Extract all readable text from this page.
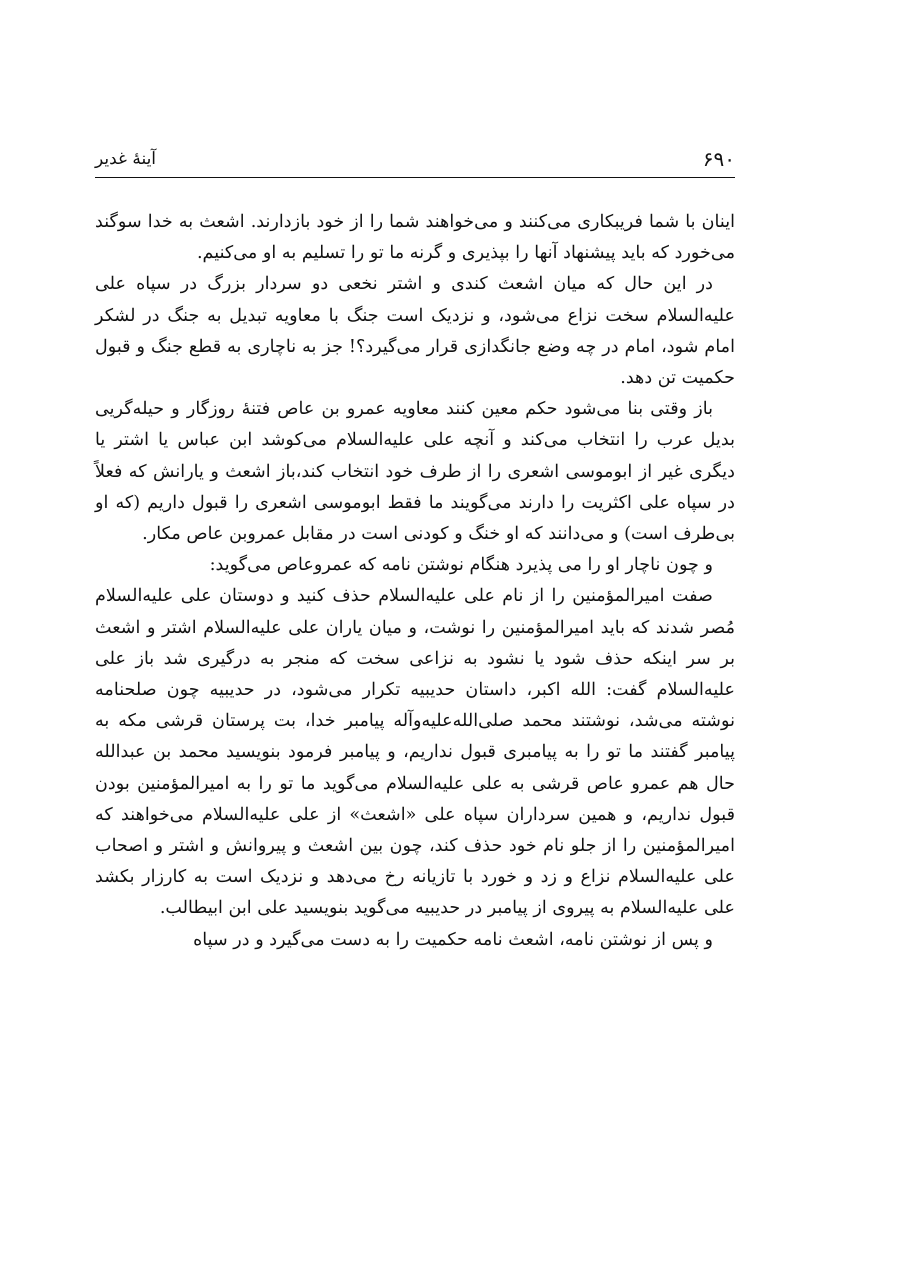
۶۹۰
آینهٔ غدیر

اینان با شما فریبکاری می‌کنند و می‌خواهند شما را از خود بازدارند. اشعث به خدا سوگند می‌خورد که باید پیشنهاد آنها را بپذیری و گرنه ما تو را تسلیم به او می‌کنیم.

در این حال که میان اشعث کندی و اشتر نخعی دو سردار بزرگ در سپاه علی علیه‌السلام سخت نزاع می‌شود، و نزدیک است جنگ با معاویه تبدیل به جنگ در لشکر امام شود، امام در چه وضع جانگدازی قرار می‌گیرد؟! جز به ناچاری به قطع جنگ و قبول حکمیت تن دهد.

باز وقتی بنا می‌شود حکم معین کنند معاویه عمرو بن عاص فتنهٔ روزگار و حیله‌گریی بدیل عرب را انتخاب می‌کند و آنچه علی علیه‌السلام می‌کوشد ابن عباس یا اشتر یا دیگری غیر از ابوموسی اشعری را از طرف خود انتخاب کند،باز اشعث و یارانش که فعلاً در سپاه علی اکثریت را دارند می‌گویند ما فقط ابوموسی اشعری را قبول داریم (که او بی‌طرف است) و می‌دانند که او خنگ و کودنی است در مقابل عمروبن عاص مکار.

و چون ناچار او را می پذیرد هنگام نوشتن نامه که عمروعاص می‌گوید:

صفت امیرالمؤمنین را از نام علی علیه‌السلام حذف کنید و دوستان علی علیه‌السلام مُصر شدند که باید امیرالمؤمنین را نوشت، و میان یاران علی علیه‌السلام اشتر و اشعث بر سر اینکه حذف شود یا نشود به نزاعی سخت که منجر به درگیری شد باز علی علیه‌السلام گفت: الله اکبر، داستان حدیبیه تکرار می‌شود، در حدیبیه چون صلحنامه نوشته می‌شد، نوشتند محمد صلی‌الله‌علیه‌وآله پیامبر خدا، بت پرستان قرشی مکه به پیامبر گفتند ما تو را به پیامبری قبول نداریم، و پیامبر فرمود بنویسید محمد بن عبدالله حال هم عمرو عاص قرشی به علی علیه‌السلام می‌گوید ما تو را به امیرالمؤمنین بودن قبول نداریم، و همین سرداران سپاه علی «اشعث» از علی علیه‌السلام می‌خواهند که امیرالمؤمنین را از جلو نام خود حذف کند، چون بین اشعث و پیروانش و اشتر و اصحاب علی علیه‌السلام نزاع و زد و خورد با تازیانه رخ می‌دهد و نزدیک است به کارزار بکشد علی علیه‌السلام به پیروی از پیامبر در حدیبیه می‌گوید بنویسید علی ابن ابیطالب.

و پس از نوشتن نامه، اشعث نامه حکمیت را به دست می‌گیرد و در سپاه
